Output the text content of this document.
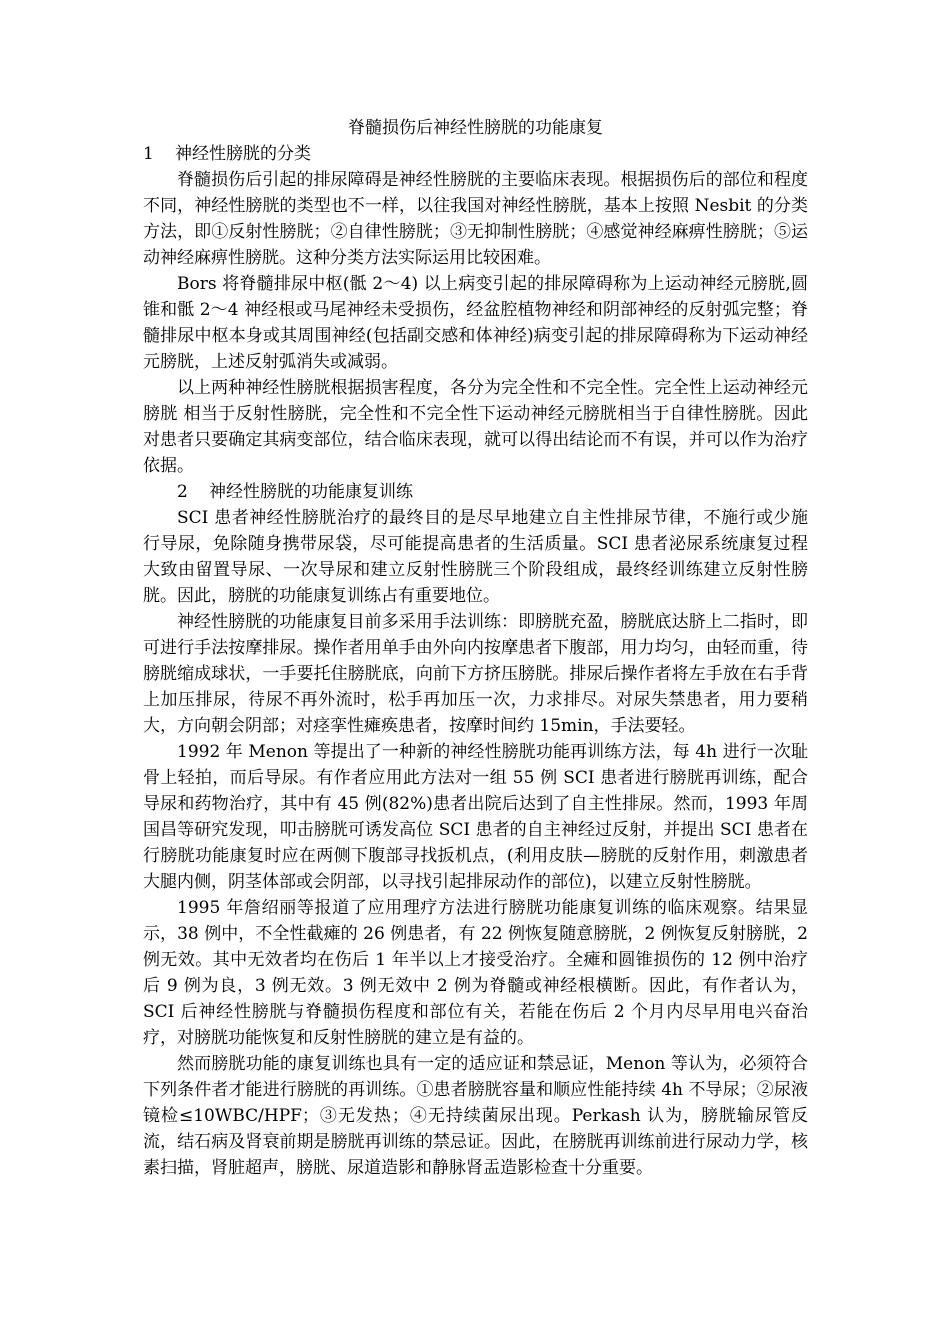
脊髓损伤后神经性膀胱的功能康复

1 神经性膀胱的分类

脊髓损伤后引起的排尿障碍是神经性膀胱的主要临床表现。根据损伤后的部位和程度不同，神经性膀胱的类型也不一样，以往我国对神经性膀胱，基本上按照 Nesbit 的分类方法，即①反射性膀胱；②自律性膀胱；③无抑制性膀胱；④感觉神经麻痹性膀胱；⑤运动神经麻痹性膀胱。这种分类方法实际运用比较困难。

Bors 将脊髓排尿中枢(骶 2～4) 以上病变引起的排尿障碍称为上运动神经元膀胱,圆锥和骶 2～4 神经根或马尾神经未受损伤，经盆腔植物神经和阴部神经的反射弧完整；脊髓排尿中枢本身或其周围神经(包括副交感和体神经)病变引起的排尿障碍称为下运动神经元膀胱，上述反射弧消失或减弱。

以上两种神经性膀胱根据损害程度，各分为完全性和不完全性。完全性上运动神经元膀胱 相当于反射性膀胱，完全性和不完全性下运动神经元膀胱相当于自律性膀胱。因此对患者只要确定其病变部位，结合临床表现，就可以得出结论而不有误，并可以作为治疗依据。

2 神经性膀胱的功能康复训练

SCI 患者神经性膀胱治疗的最终目的是尽早地建立自主性排尿节律，不施行或少施行导尿，免除随身携带尿袋，尽可能提高患者的生活质量。SCI 患者泌尿系统康复过程大致由留置导尿、一次导尿和建立反射性膀胱三个阶段组成，最终经训练建立反射性膀胱。因此，膀胱的功能康复训练占有重要地位。

神经性膀胱的功能康复目前多采用手法训练：即膀胱充盈，膀胱底达脐上二指时，即可进行手法按摩排尿。操作者用单手由外向内按摩患者下腹部，用力均匀，由轻而重，待膀胱缩成球状，一手要托住膀胱底，向前下方挤压膀胱。排尿后操作者将左手放在右手背上加压排尿，待尿不再外流时，松手再加压一次，力求排尽。对尿失禁患者，用力要稍大，方向朝会阴部；对痉挛性瘫痪患者，按摩时间约 15min，手法要轻。

1992 年 Menon 等提出了一种新的神经性膀胱功能再训练方法，每 4h 进行一次耻骨上轻拍，而后导尿。有作者应用此方法对一组 55 例 SCI 患者进行膀胱再训练，配合导尿和药物治疗，其中有 45 例(82%)患者出院后达到了自主性排尿。然而，1993 年周国昌等研究发现，叩击膀胱可诱发高位 SCI 患者的自主神经过反射，并提出 SCI 患者在行膀胱功能康复时应在两侧下腹部寻找扳机点，(利用皮肤—膀胱的反射作用，刺激患者大腿内侧，阴茎体部或会阴部，以寻找引起排尿动作的部位)，以建立反射性膀胱。

1995 年詹绍丽等报道了应用理疗方法进行膀胱功能康复训练的临床观察。结果显示，38 例中，不全性截瘫的 26 例患者，有 22 例恢复随意膀胱，2 例恢复反射膀胱，2 例无效。其中无效者均在伤后 1 年半以上才接受治疗。全瘫和圆锥损伤的 12 例中治疗后 9 例为良，3 例无效。3 例无效中 2 例为脊髓或神经根横断。因此，有作者认为，SCI 后神经性膀胱与脊髓损伤程度和部位有关，若能在伤后 2 个月内尽早用电兴奋治疗，对膀胱功能恢复和反射性膀胱的建立是有益的。

然而膀胱功能的康复训练也具有一定的适应证和禁忌证，Menon 等认为，必须符合下列条件者才能进行膀胱的再训练。①患者膀胱容量和顺应性能持续 4h 不导尿；②尿液镜检≤10WBC/HPF；③无发热；④无持续菌尿出现。Perkash 认为，膀胱输尿管反流，结石病及肾衰前期是膀胱再训练的禁忌证。因此，在膀胱再训练前进行尿动力学，核素扫描，肾脏超声，膀胱、尿道造影和静脉肾盂造影检查十分重要。
